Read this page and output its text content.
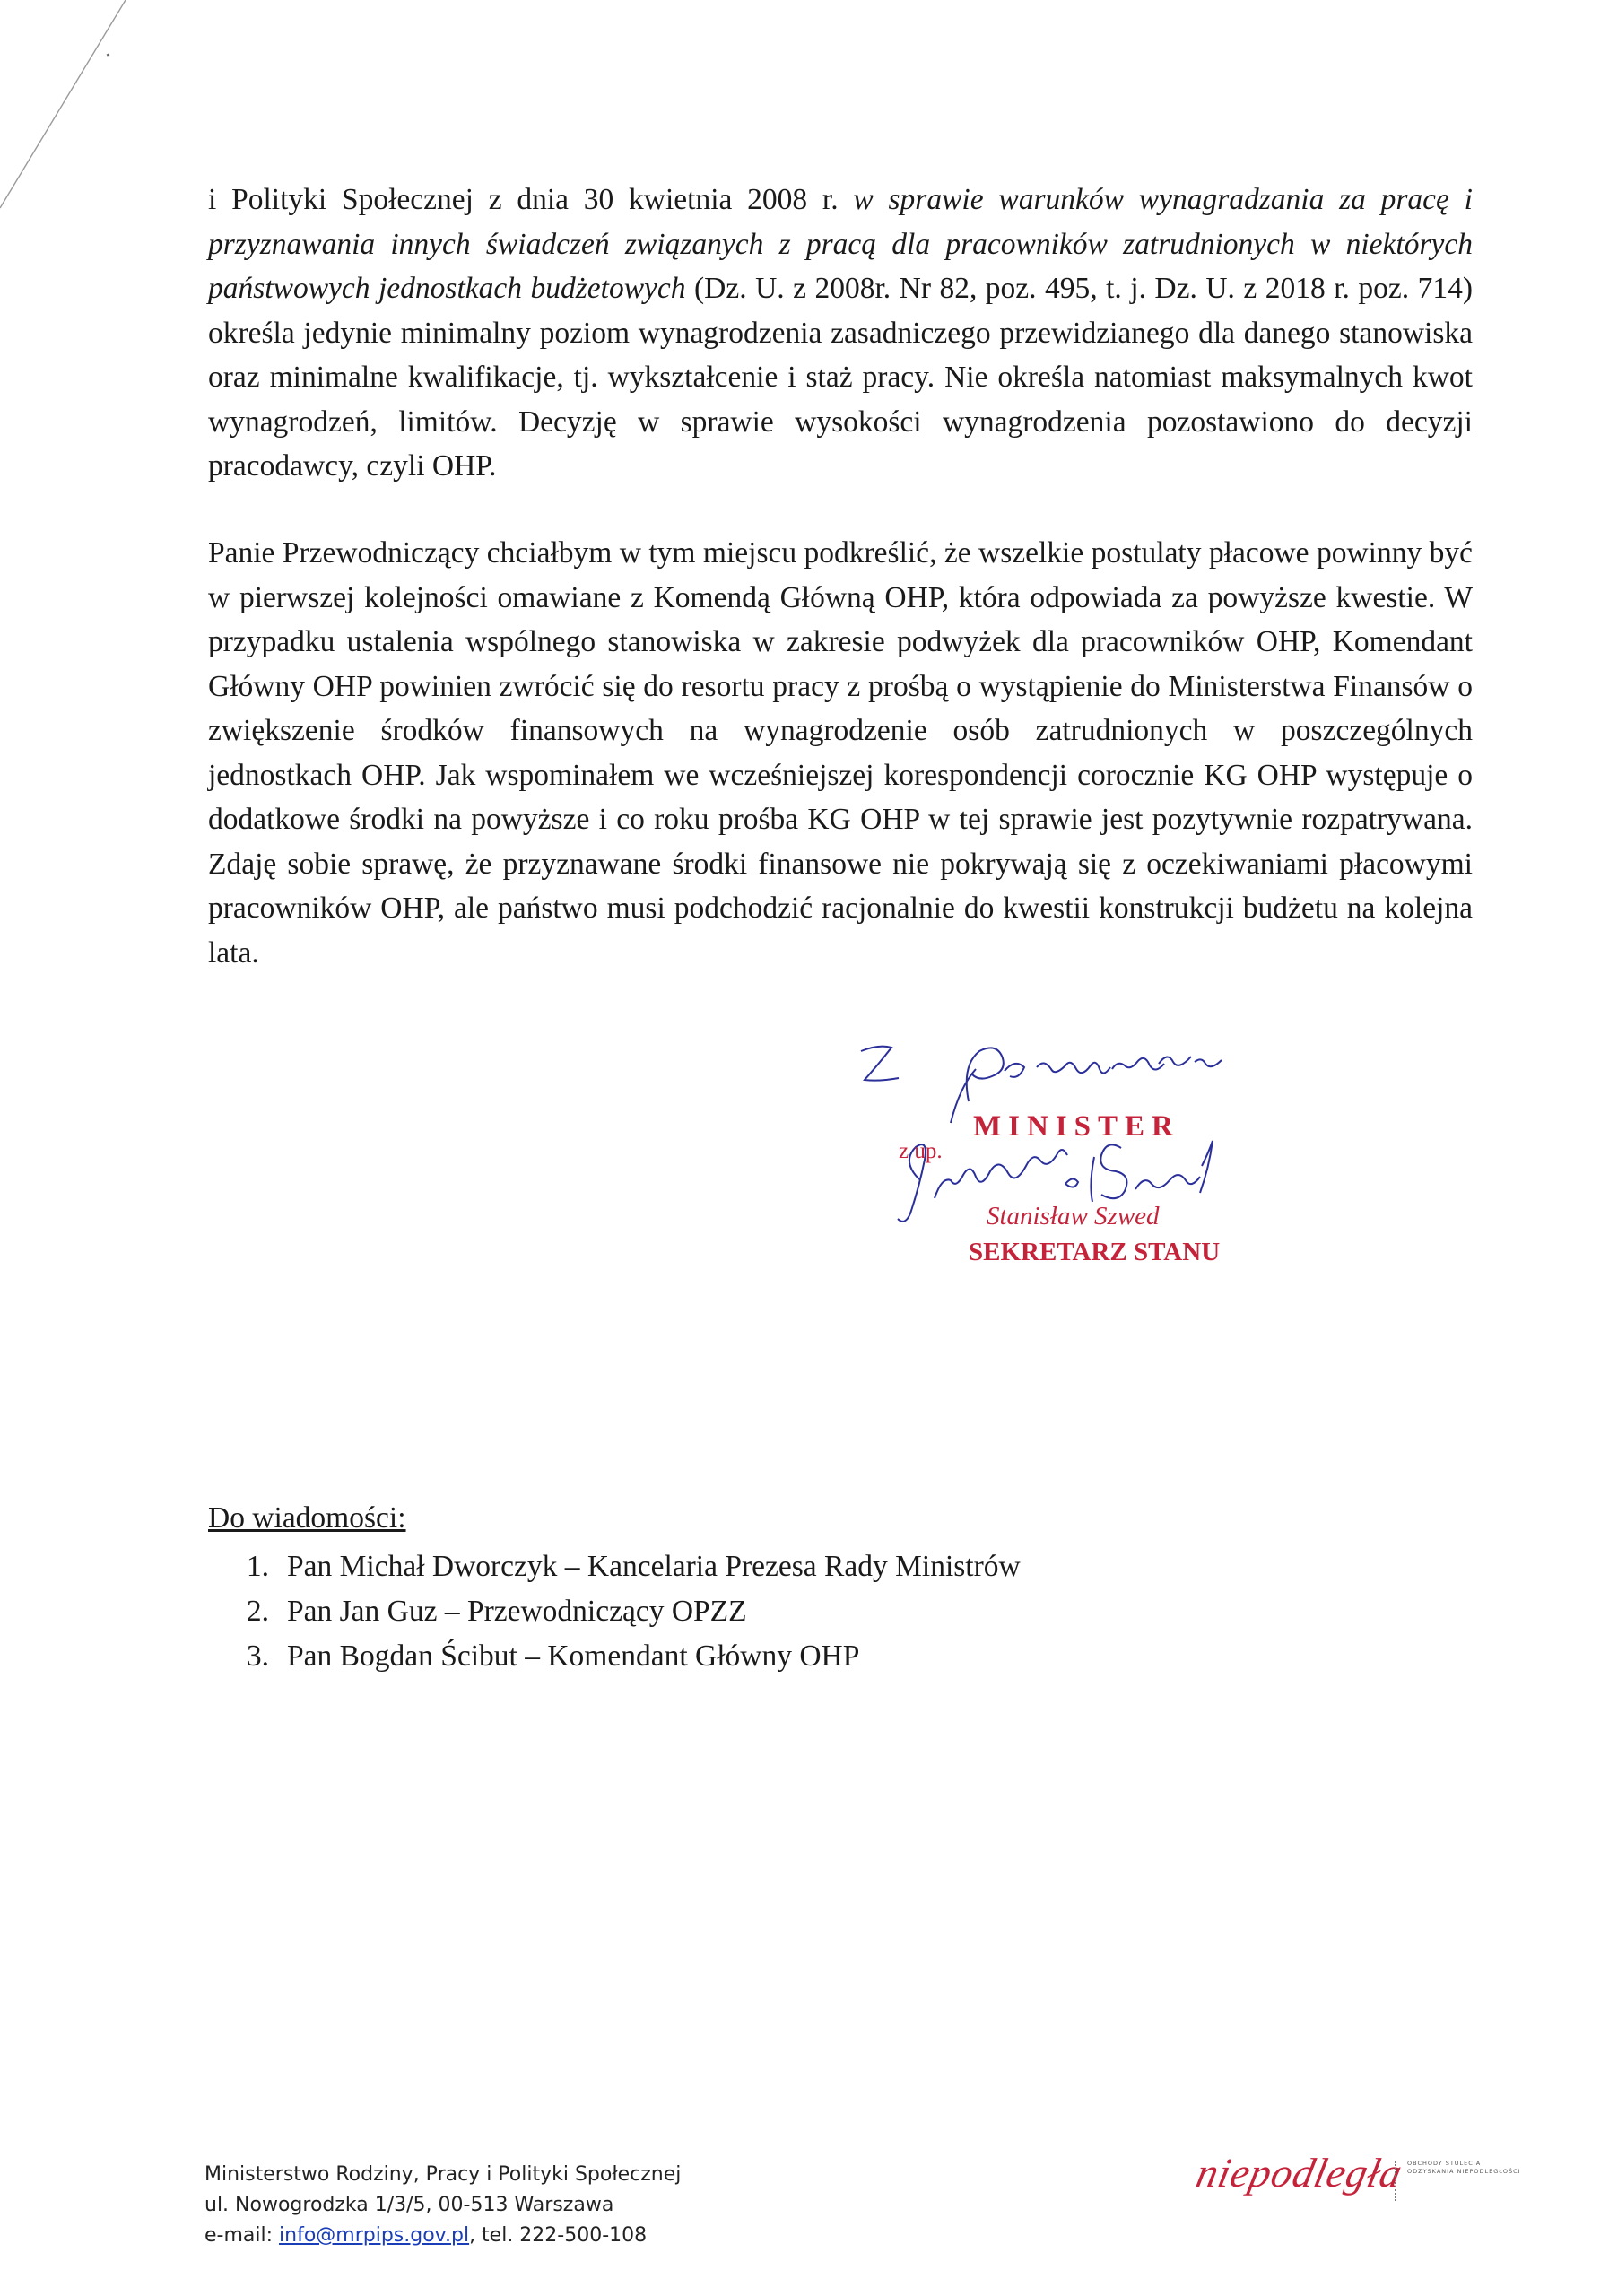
i Polityki Społecznej z dnia 30 kwietnia 2008 r. w sprawie warunków wynagradzania za pracę i przyznawania innych świadczeń związanych z pracą dla pracowników zatrudnionych w niektórych państwowych jednostkach budżetowych (Dz. U. z 2008r. Nr 82, poz. 495, t. j. Dz. U. z 2018 r. poz. 714) określa jedynie minimalny poziom wynagrodzenia zasadniczego przewidzianego dla danego stanowiska oraz minimalne kwalifikacje, tj. wykształcenie i staż pracy. Nie określa natomiast maksymalnych kwot wynagrodzeń, limitów. Decyzję w sprawie wysokości wynagrodzenia pozostawiono do decyzji pracodawcy, czyli OHP.

Panie Przewodniczący chciałbym w tym miejscu podkreślić, że wszelkie postulaty płacowe powinny być w pierwszej kolejności omawiane z Komendą Główną OHP, która odpowiada za powyższe kwestie. W przypadku ustalenia wspólnego stanowiska w zakresie podwyżek dla pracowników OHP, Komendant Główny OHP powinien zwrócić się do resortu pracy z prośbą o wystąpienie do Ministerstwa Finansów o zwiększenie środków finansowych na wynagrodzenie osób zatrudnionych w poszczególnych jednostkach OHP. Jak wspominałem we wcześniejszej korespondencji corocznie KG OHP występuje o dodatkowe środki na powyższe i co roku prośba KG OHP w tej sprawie jest pozytywnie rozpatrywana. Zdaję sobie sprawę, że przyznawane środki finansowe nie pokrywają się z oczekiwaniami płacowymi pracowników OHP, ale państwo musi podchodzić racjonalnie do kwestii konstrukcji budżetu na kolejna lata.

MINISTER
z up.
Stanisław Szwed
SEKRETARZ STANU
Do wiadomości:
1. Pan Michał Dworczyk – Kancelaria Prezesa Rady Ministrów
2. Pan Jan Guz – Przewodniczący OPZZ
3. Pan Bogdan Ścibut – Komendant Główny OHP
Ministerstwo Rodziny, Pracy i Polityki Społecznej
ul. Nowogrodzka 1/3/5, 00-513 Warszawa
e-mail: info@mrpips.gov.pl, tel. 222-500-108
niepodległa OBCHODY STULECIA ODZYSKANIA NIEPODLEGŁOŚCI
